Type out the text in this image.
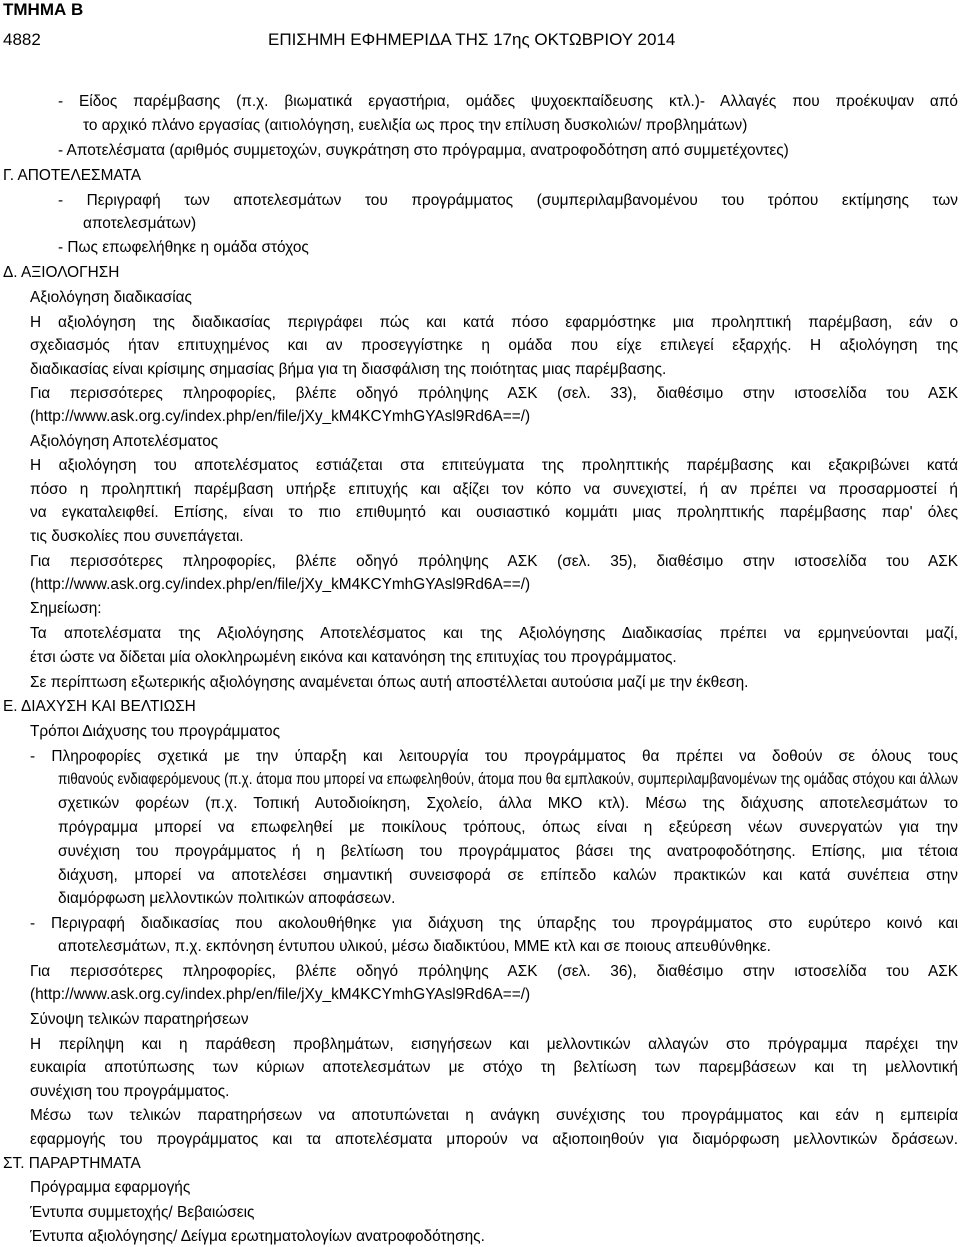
ΤΜΗΜΑ Β
4882	ΕΠΙΣΗΜΗ ΕΦΗΜΕΡΙΔΑ ΤΗΣ 17ης ΟΚΤΩΒΡΙΟΥ 2014
- Είδος παρέμβασης (π.χ. βιωματικά εργαστήρια, ομάδες ψυχοεκπαίδευσης κτλ.)- Αλλαγές που προέκυψαν από
το αρχικό πλάνο εργασίας (αιτιολόγηση, ευελιξία ως προς την επίλυση δυσκολιών/ προβλημάτων)
- Αποτελέσματα (αριθμός συμμετοχών, συγκράτηση στο πρόγραμμα, ανατροφοδότηση από συμμετέχοντες)
Γ. ΑΠΟΤΕΛΕΣΜΑΤΑ
- Περιγραφή των αποτελεσμάτων του προγράμματος (συμπεριλαμβανομένου του τρόπου εκτίμησης των
αποτελεσμάτων)
- Πως επωφελήθηκε η ομάδα στόχος
Δ. ΑΞΙΟΛΟΓΗΣΗ
Αξιολόγηση διαδικασίας
Η αξιολόγηση της διαδικασίας περιγράφει πώς και κατά πόσο εφαρμόστηκε μια προληπτική παρέμβαση, εάν ο
σχεδιασμός ήταν επιτυχημένος και αν προσεγγίστηκε η ομάδα που είχε επιλεγεί εξαρχής. Η αξιολόγηση της
διαδικασίας είναι κρίσιμης σημασίας βήμα για τη διασφάλιση της ποιότητας μιας παρέμβασης.
Για περισσότερες πληροφορίες, βλέπε οδηγό πρόληψης ΑΣΚ (σελ. 33), διαθέσιμο στην ιστοσελίδα του ΑΣΚ
(http://www.ask.org.cy/index.php/en/file/jXy_kM4KCYmhGYAsl9Rd6A==/)
Αξιολόγηση Αποτελέσματος
Η αξιολόγηση του αποτελέσματος εστιάζεται στα επιτεύγματα της προληπτικής παρέμβασης και εξακριβώνει κατά
πόσο η προληπτική παρέμβαση υπήρξε επιτυχής και αξίζει τον κόπο να συνεχιστεί, ή αν πρέπει να προσαρμοστεί ή
να εγκαταλειφθεί. Επίσης, είναι το πιο επιθυμητό και ουσιαστικό κομμάτι μιας προληπτικής παρέμβασης παρ' όλες
τις δυσκολίες που συνεπάγεται.
Για περισσότερες πληροφορίες, βλέπε οδηγό πρόληψης ΑΣΚ (σελ. 35), διαθέσιμο στην ιστοσελίδα του ΑΣΚ
(http://www.ask.org.cy/index.php/en/file/jXy_kM4KCYmhGYAsl9Rd6A==/)
Σημείωση:
Τα αποτελέσματα της Αξιολόγησης Αποτελέσματος και της Αξιολόγησης Διαδικασίας πρέπει να ερμηνεύονται μαζί,
έτσι ώστε να δίδεται μία ολοκληρωμένη εικόνα και κατανόηση της επιτυχίας του προγράμματος.
Σε περίπτωση εξωτερικής αξιολόγησης αναμένεται όπως αυτή αποστέλλεται αυτούσια μαζί με την έκθεση.
Ε. ΔΙΑΧΥΣΗ ΚΑΙ ΒΕΛΤΙΩΣΗ
Τρόποι Διάχυσης του προγράμματος
- Πληροφορίες σχετικά με την ύπαρξη και λειτουργία του προγράμματος θα πρέπει να δοθούν σε όλους τους
πιθανούς ενδιαφερόμενους (π.χ. άτομα που μπορεί να επωφεληθούν, άτομα που θα εμπλακούν, συμπεριλαμβανομένων της ομάδας στόχου και άλλων
σχετικών φορέων (π.χ. Τοπική Αυτοδιοίκηση, Σχολείο, άλλα ΜΚΟ κτλ). Μέσω της διάχυσης αποτελεσμάτων το
πρόγραμμα μπορεί να επωφεληθεί με ποικίλους τρόπους, όπως είναι η εξεύρεση νέων συνεργατών για την
συνέχιση του προγράμματος ή η βελτίωση του προγράμματος βάσει της ανατροφοδότησης. Επίσης, μια τέτοια
διάχυση, μπορεί να αποτελέσει σημαντική συνεισφορά σε επίπεδο καλών πρακτικών και κατά συνέπεια στην
διαμόρφωση μελλοντικών πολιτικών αποφάσεων.
- Περιγραφή διαδικασίας που ακολουθήθηκε για διάχυση της ύπαρξης του προγράμματος στο ευρύτερο κοινό και
αποτελεσμάτων, π.χ. εκπόνηση έντυπου υλικού, μέσω διαδικτύου, ΜΜΕ κτλ και σε ποιους απευθύνθηκε.
Για περισσότερες πληροφορίες, βλέπε οδηγό πρόληψης ΑΣΚ (σελ. 36), διαθέσιμο στην ιστοσελίδα του ΑΣΚ
(http://www.ask.org.cy/index.php/en/file/jXy_kM4KCYmhGYAsl9Rd6A==/)
Σύνοψη τελικών παρατηρήσεων
Η περίληψη και η παράθεση προβλημάτων, εισηγήσεων και μελλοντικών αλλαγών στο πρόγραμμα παρέχει την
ευκαιρία αποτύπωσης των κύριων αποτελεσμάτων με στόχο τη βελτίωση των παρεμβάσεων και τη μελλοντική
συνέχιση του προγράμματος.
Μέσω των τελικών παρατηρήσεων να αποτυπώνεται η ανάγκη συνέχισης του προγράμματος και εάν η εμπειρία
εφαρμογής του προγράμματος και τα αποτελέσματα μπορούν να αξιοποιηθούν για διαμόρφωση μελλοντικών δράσεων.
ΣΤ. ΠΑΡΑΡΤΗΜΑΤΑ
Πρόγραμμα εφαρμογής
Έντυπα συμμετοχής/ Βεβαιώσεις
Έντυπα αξιολόγησης/ Δείγμα ερωτηματολογίων ανατροφοδότησης.
